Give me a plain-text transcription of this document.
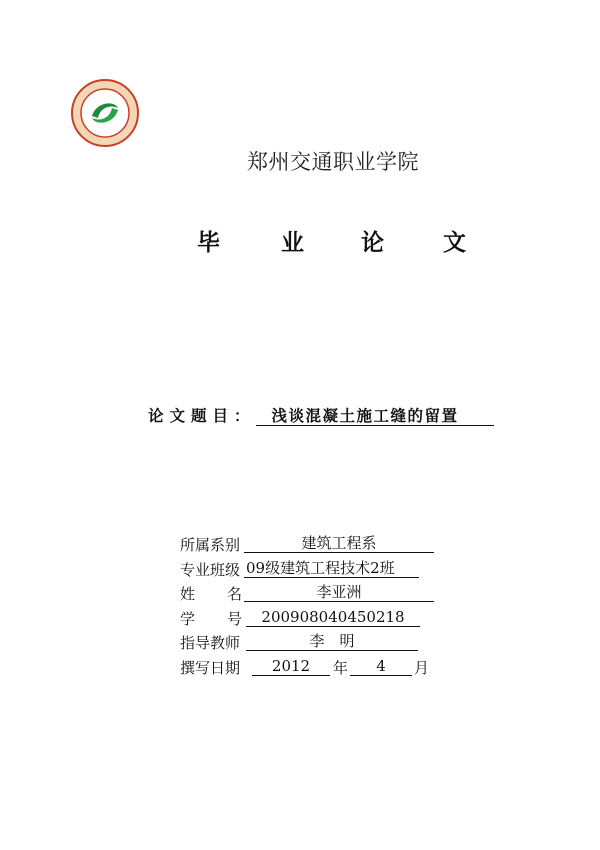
郑州交通职业学院
毕	业 论	文
论文题目：	浅谈混凝土施工缝的留置
所属系别	建筑工程系
专业班级 09级建筑工程技术2班
姓 名	李亚洲
学 号	200908040450218
指导教师	李　明
撰写日期	2012	年	4	月
